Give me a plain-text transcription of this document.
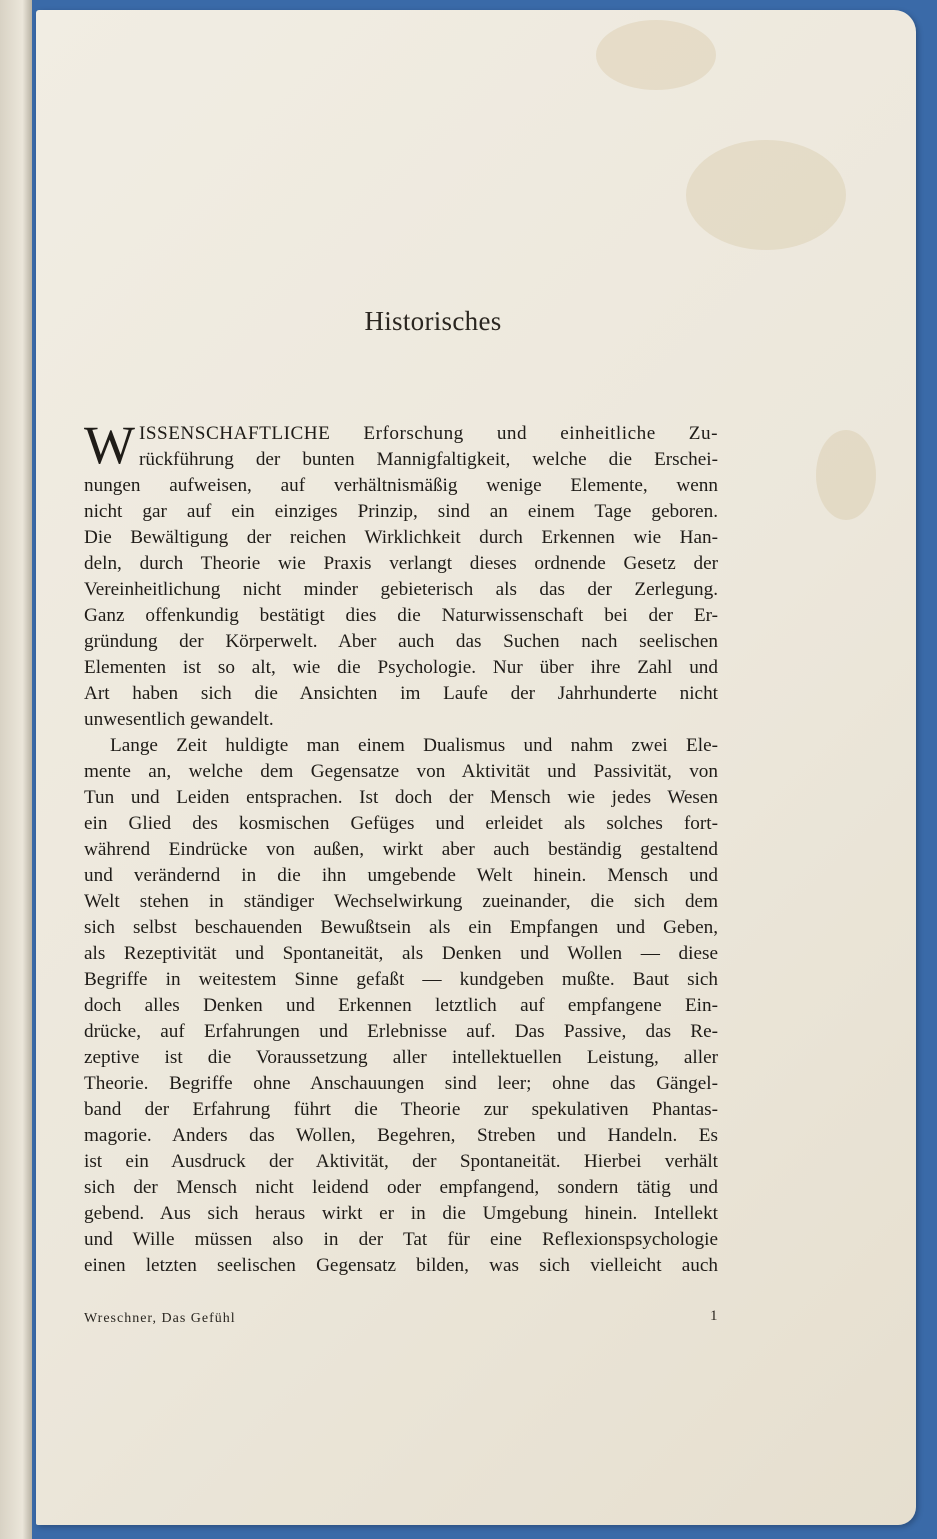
Historisches
W ISSENSCHAFTLICHE Erforschung und einheitliche Zu-
rückführung der bunten Mannigfaltigkeit, welche die Erschei-
nungen aufweisen, auf verhältnismäßig wenige Elemente, wenn
nicht gar auf ein einziges Prinzip, sind an einem Tage geboren.
Die Bewältigung der reichen Wirklichkeit durch Erkennen wie Han-
deln, durch Theorie wie Praxis verlangt dieses ordnende Gesetz der
Vereinheitlichung nicht minder gebieterisch als das der Zerlegung.
Ganz offenkundig bestätigt dies die Naturwissenschaft bei der Er-
gründung der Körperwelt. Aber auch das Suchen nach seelischen
Elementen ist so alt, wie die Psychologie. Nur über ihre Zahl und
Art haben sich die Ansichten im Laufe der Jahrhunderte nicht
unwesentlich gewandelt.
Lange Zeit huldigte man einem Dualismus und nahm zwei Ele-
mente an, welche dem Gegensatze von Aktivität und Passivität, von
Tun und Leiden entsprachen. Ist doch der Mensch wie jedes Wesen
ein Glied des kosmischen Gefüges und erleidet als solches fort-
während Eindrücke von außen, wirkt aber auch beständig gestaltend
und verändernd in die ihn umgebende Welt hinein. Mensch und
Welt stehen in ständiger Wechselwirkung zueinander, die sich dem
sich selbst beschauenden Bewußtsein als ein Empfangen und Geben,
als Rezeptivität und Spontaneität, als Denken und Wollen — diese
Begriffe in weitestem Sinne gefaßt — kundgeben mußte. Baut sich
doch alles Denken und Erkennen letztlich auf empfangene Ein-
drücke, auf Erfahrungen und Erlebnisse auf. Das Passive, das Re-
zeptive ist die Voraussetzung aller intellektuellen Leistung, aller
Theorie. Begriffe ohne Anschauungen sind leer; ohne das Gängel-
band der Erfahrung führt die Theorie zur spekulativen Phantas-
magorie. Anders das Wollen, Begehren, Streben und Handeln. Es
ist ein Ausdruck der Aktivität, der Spontaneität. Hierbei verhält
sich der Mensch nicht leidend oder empfangend, sondern tätig und
gebend. Aus sich heraus wirkt er in die Umgebung hinein. Intellekt
und Wille müssen also in der Tat für eine Reflexionspsychologie
einen letzten seelischen Gegensatz bilden, was sich vielleicht auch
Wreschner, Das Gefühl	1
